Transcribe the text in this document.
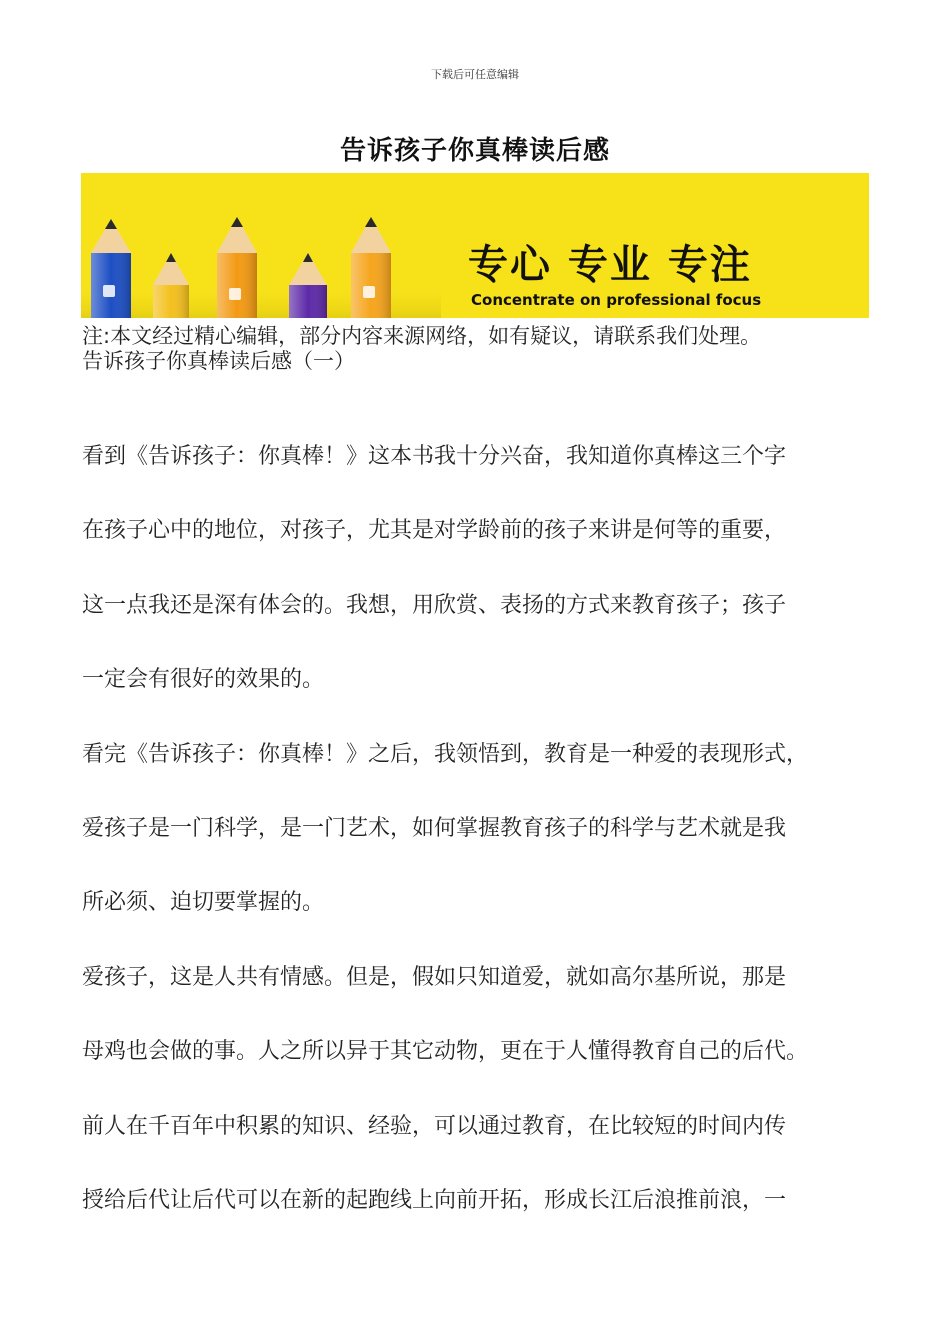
下载后可任意编辑
告诉孩子你真棒读后感
专心 专业 专注
Concentrate on professional focus
注:本文经过精心编辑，部分内容来源网络，如有疑议，请联系我们处理。
告诉孩子你真棒读后感（一）
看到《告诉孩子：你真棒！》这本书我十分兴奋，我知道你真棒这三个字
在孩子心中的地位，对孩子，尤其是对学龄前的孩子来讲是何等的重要，
这一点我还是深有体会的。我想，用欣赏、表扬的方式来教育孩子；孩子
一定会有很好的效果的。
看完《告诉孩子：你真棒！》之后，我领悟到，教育是一种爱的表现形式，
爱孩子是一门科学，是一门艺术，如何掌握教育孩子的科学与艺术就是我
所必须、迫切要掌握的。
爱孩子，这是人共有情感。但是，假如只知道爱，就如高尔基所说，那是
母鸡也会做的事。人之所以异于其它动物，更在于人懂得教育自己的后代。
前人在千百年中积累的知识、经验，可以通过教育，在比较短的时间内传
授给后代让后代可以在新的起跑线上向前开拓，形成长江后浪推前浪，一
